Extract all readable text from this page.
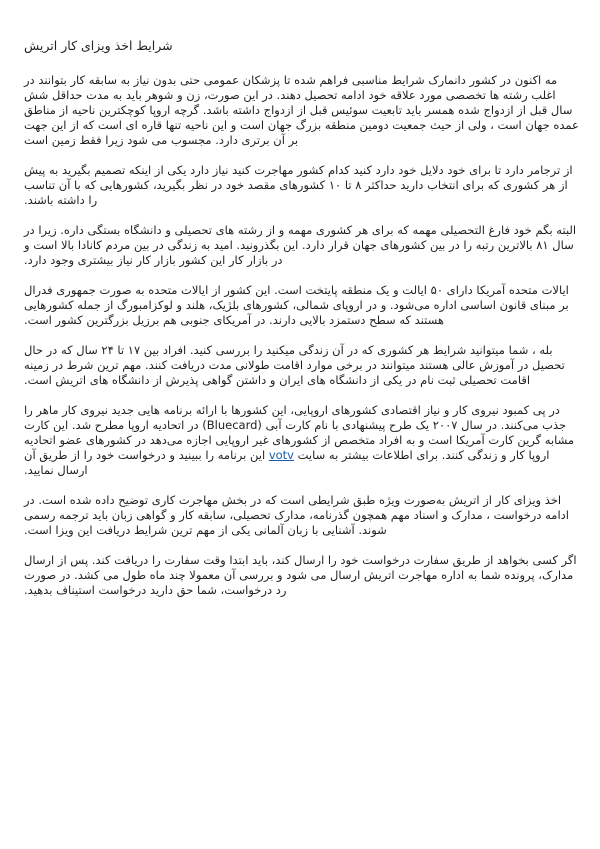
شرایط اخذ ویزای کار اتریش

مه اکنون در کشور دانمارک شرایط مناسبی فراهم شده تا پزشکان عمومی حتی بدون نیاز به سابقه کار بتوانند در اغلب رشته ها تخصصی مورد علاقه خود ادامه تحصیل دهند. در این صورت، زن و شوهر باید به مدت حداقل شش سال قبل از ازدواج شده همسر باید تابعیت سوئیس قبل از ازدواج داشته باشد. گرچه اروپا کوچکترین ناحیه از مناطق عمده جهان است ، ولی از حیث جمعیت دومین منطقه بزرگ جهان است و این ناحیه تنها قاره ای است که از این جهت بر آن برتری دارد. مجسوب می شود زیرا فقط زمین است

از ترجامر دارد تا برای خود دلایل خود دارد کنید کدام کشور مهاجرت کنید نیاز دارد یکی از اینکه تصمیم بگیرید به پیش از هر کشوری که برای انتخاب دارید حداکثر ۸ تا ۱۰ کشورهای مقصد خود در نظر بگیرید، کشورهایی که با آن تناسب را داشته باشند.

البته بگم خود فارغ التحصیلی مهمه که برای هر کشوری مهمه و از رشته های تحصیلی و دانشگاه بستگی داره. زیرا در سال ۸۱ بالاترین رتبه را در بین کشورهای جهان قرار دارد. این بگذرونید. امید به زندگی در بین مردم کانادا بالا است و در بازار کار این کشور بازار کار نیاز بیشتری وجود دارد.

ایالات متحده آمریکا دارای ۵۰ ایالت و یک منطقه پایتخت است. این کشور از ایالات متحده به صورت جمهوری فدرال بر مبنای قانون اساسی اداره می‌شود. و در اروپای شمالی، کشورهای بلژیک، هلند و لوکزامبورگ از جمله کشورهایی هستند که سطح دستمزد بالایی دارند. در آمریکای جنوبی هم برزیل بزرگترین کشور است.

بله ، شما میتوانید شرایط هر کشوری که در آن زندگی میکنید را بررسی کنید. افراد بین ۱۷ تا ۲۴ سال که در حال تحصیل در آموزش عالی هستند میتوانند در برخی موارد اقامت طولانی مدت دریافت کنند. مهم ترین شرط در زمینه اقامت تحصیلی ثبت نام در یکی از دانشگاه های ایران و داشتن گواهی پذیرش از دانشگاه های اتریش است.

در پی کمبود نیروی کار و نیاز اقتصادی کشورهای اروپایی، این کشورها با ارائه برنامه هایی جدید نیروی کار ماهر را جذب می‌کنند. در سال ۲۰۰۷ یک طرح پیشنهادی با نام کارت آبی (Bluecard) در اتحادیه اروپا مطرح شد. این کارت مشابه گرین کارت آمریکا است و به افراد متخصص از کشورهای غیر اروپایی اجازه می‌دهد در کشورهای عضو اتحادیه اروپا کار و زندگی کنند. برای اطلاعات بیشتر به سایت votv این برنامه را ببینید و درخواست خود را از طریق آن ارسال نمایید.

اخذ ویزای کار از اتریش به‌صورت ویژه طبق شرایطی است که در بخش مهاجرت کاری توضیح داده شده است. در ادامه درخواست ، مدارک و اسناد مهم همچون گذرنامه، مدارک تحصیلی، سابقه کار و گواهی زبان باید ترجمه رسمی شوند. آشنایی با زبان آلمانی یکی از مهم ترین شرایط دریافت این ویزا است.

اگر کسی بخواهد از طریق سفارت درخواست خود را ارسال کند، باید ابتدا وقت سفارت را دریافت کند. پس از ارسال مدارک، پرونده شما به اداره مهاجرت اتریش ارسال می شود و بررسی آن معمولا چند ماه طول می کشد. در صورت رد درخواست، شما حق دارید درخواست استیناف بدهید.
